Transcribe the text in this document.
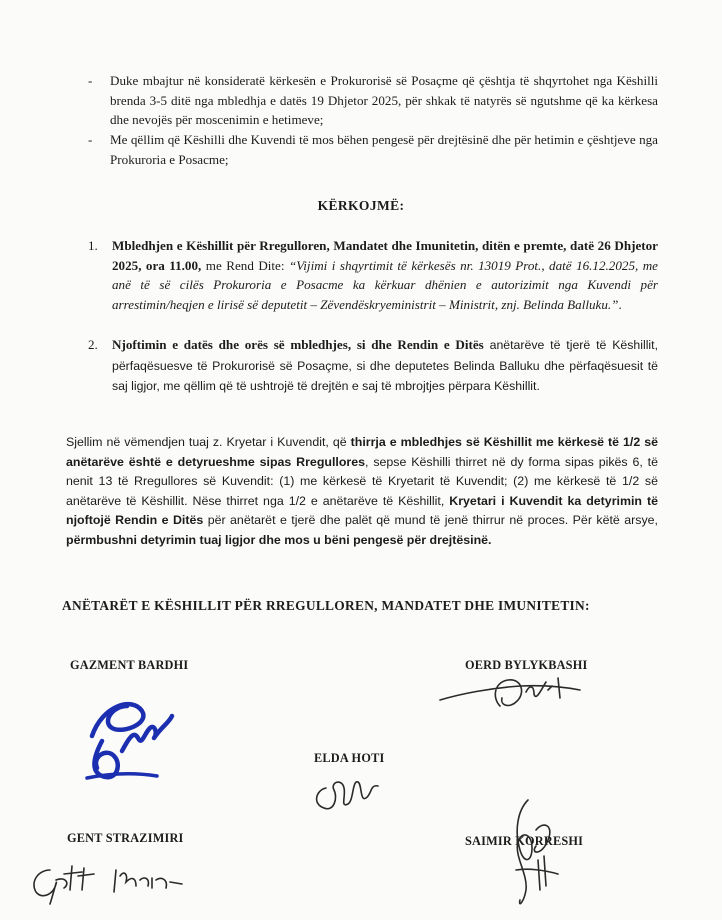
- Duke mbajtur në konsideratë kërkesën e Prokurorisë së Posaçme që çështja të shqyrtohet nga Këshilli brenda 3-5 ditë nga mbledhja e datës 19 Dhjetor 2025, për shkak të natyrës së ngutshme që ka kërkesa dhe nevojës për moscenimin e hetimeve;
- Me qëllim që Këshilli dhe Kuvendi të mos bëhen pengesë për drejtësinë dhe për hetimin e çështjeve nga Prokuroria e Posacme;
KËRKOJMË:
1. Mbledhjen e Këshillit për Rregulloren, Mandatet dhe Imunitetin, ditën e premte, datë 26 Dhjetor 2025, ora 11.00, me Rend Dite: “Vijimi i shqyrtimit të kërkesës nr. 13019 Prot., datë 16.12.2025, me anë të së cilës Prokuroria e Posacme ka kërkuar dhënien e autorizimit nga Kuvendi për arrestimin/heqjen e lirisë së deputetit – Zëvendëskryeministrit – Ministrit, znj. Belinda Balluku.”.
2. Njoftimin e datës dhe orës së mbledhjes, si dhe Rendin e Ditës anëtarëve të tjerë të Këshillit, përfaqësuesve të Prokurorisë së Posaçme, si dhe deputetes Belinda Balluku dhe përfaqësuesit të saj ligjor, me qëllim që të ushtrojë të drejtën e saj të mbrojtjes përpara Këshillit.
Sjellim në vëmendjen tuaj z. Kryetar i Kuvendit, që thirrja e mbledhjes së Këshillit me kërkesë të 1/2 së anëtarëve është e detyrueshme sipas Rregullores, sepse Këshilli thirret në dy forma sipas pikës 6, të nenit 13 të Rregullores së Kuvendit: (1) me kërkesë të Kryetarit të Kuvendit; (2) me kërkesë të 1/2 së anëtarëve të Këshillit. Nëse thirret nga 1/2 e anëtarëve të Këshillit, Kryetari i Kuvendit ka detyrimin të njoftojë Rendin e Ditës për anëtarët e tjerë dhe palët që mund të jenë thirrur në proces. Për këtë arsye, përmbushni detyrimin tuaj ligjor dhe mos u bëni pengesë për drejtësinë.
ANËTARËT E KËSHILLIT PËR RREGULLOREN, MANDATET DHE IMUNITETIN:
GAZMENT BARDHI	OERD BYLYKBASHI
ELDA HOTI
GENT STRAZIMIRI	SAIMIR KORRESHI
